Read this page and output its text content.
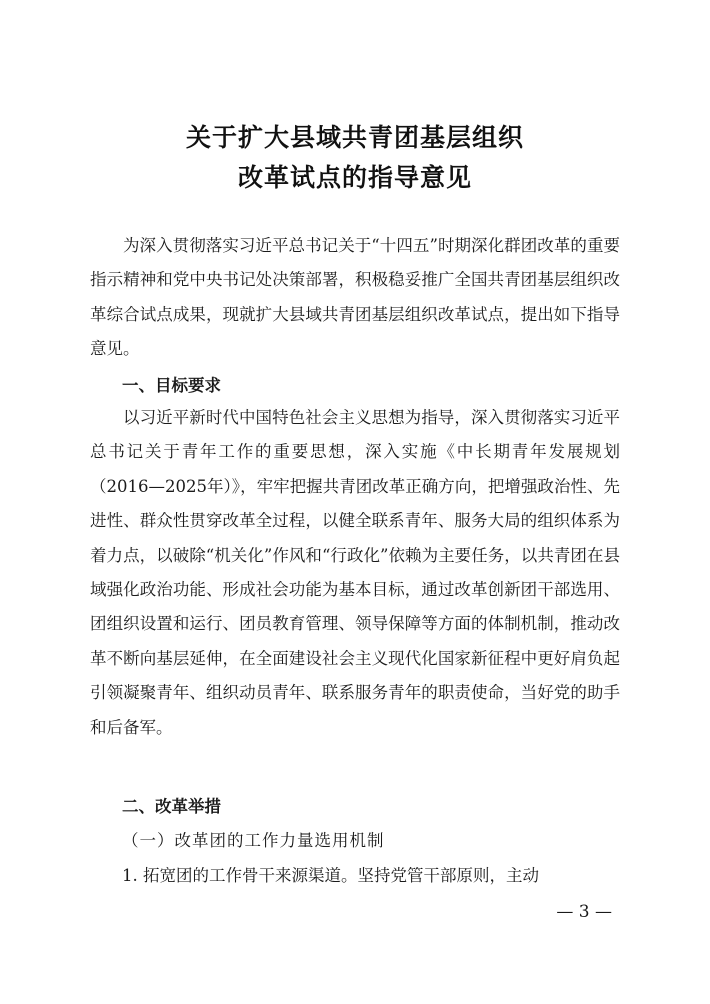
关于扩大县域共青团基层组织
改革试点的指导意见

为深入贯彻落实习近平总书记关于“十四五”时期深化群团改革的重要指示精神和党中央书记处决策部署，积极稳妥推广全国共青团基层组织改革综合试点成果，现就扩大县域共青团基层组织改革试点，提出如下指导意见。

一、目标要求

以习近平新时代中国特色社会主义思想为指导，深入贯彻落实习近平总书记关于青年工作的重要思想，深入实施《中长期青年发展规划（2016—2025年）》，牢牢把握共青团改革正确方向，把增强政治性、先进性、群众性贯穿改革全过程，以健全联系青年、服务大局的组织体系为着力点，以破除“机关化”作风和“行政化”依赖为主要任务，以共青团在县域强化政治功能、形成社会功能为基本目标，通过改革创新团干部选用、团组织设置和运行、团员教育管理、领导保障等方面的体制机制，推动改革不断向基层延伸，在全面建设社会主义现代化国家新征程中更好肩负起引领凝聚青年、组织动员青年、联系服务青年的职责使命，当好党的助手和后备军。

二、改革举措
（一）改革团的工作力量选用机制
1. 拓宽团的工作骨干来源渠道。坚持党管干部原则，主动
— 3 —
